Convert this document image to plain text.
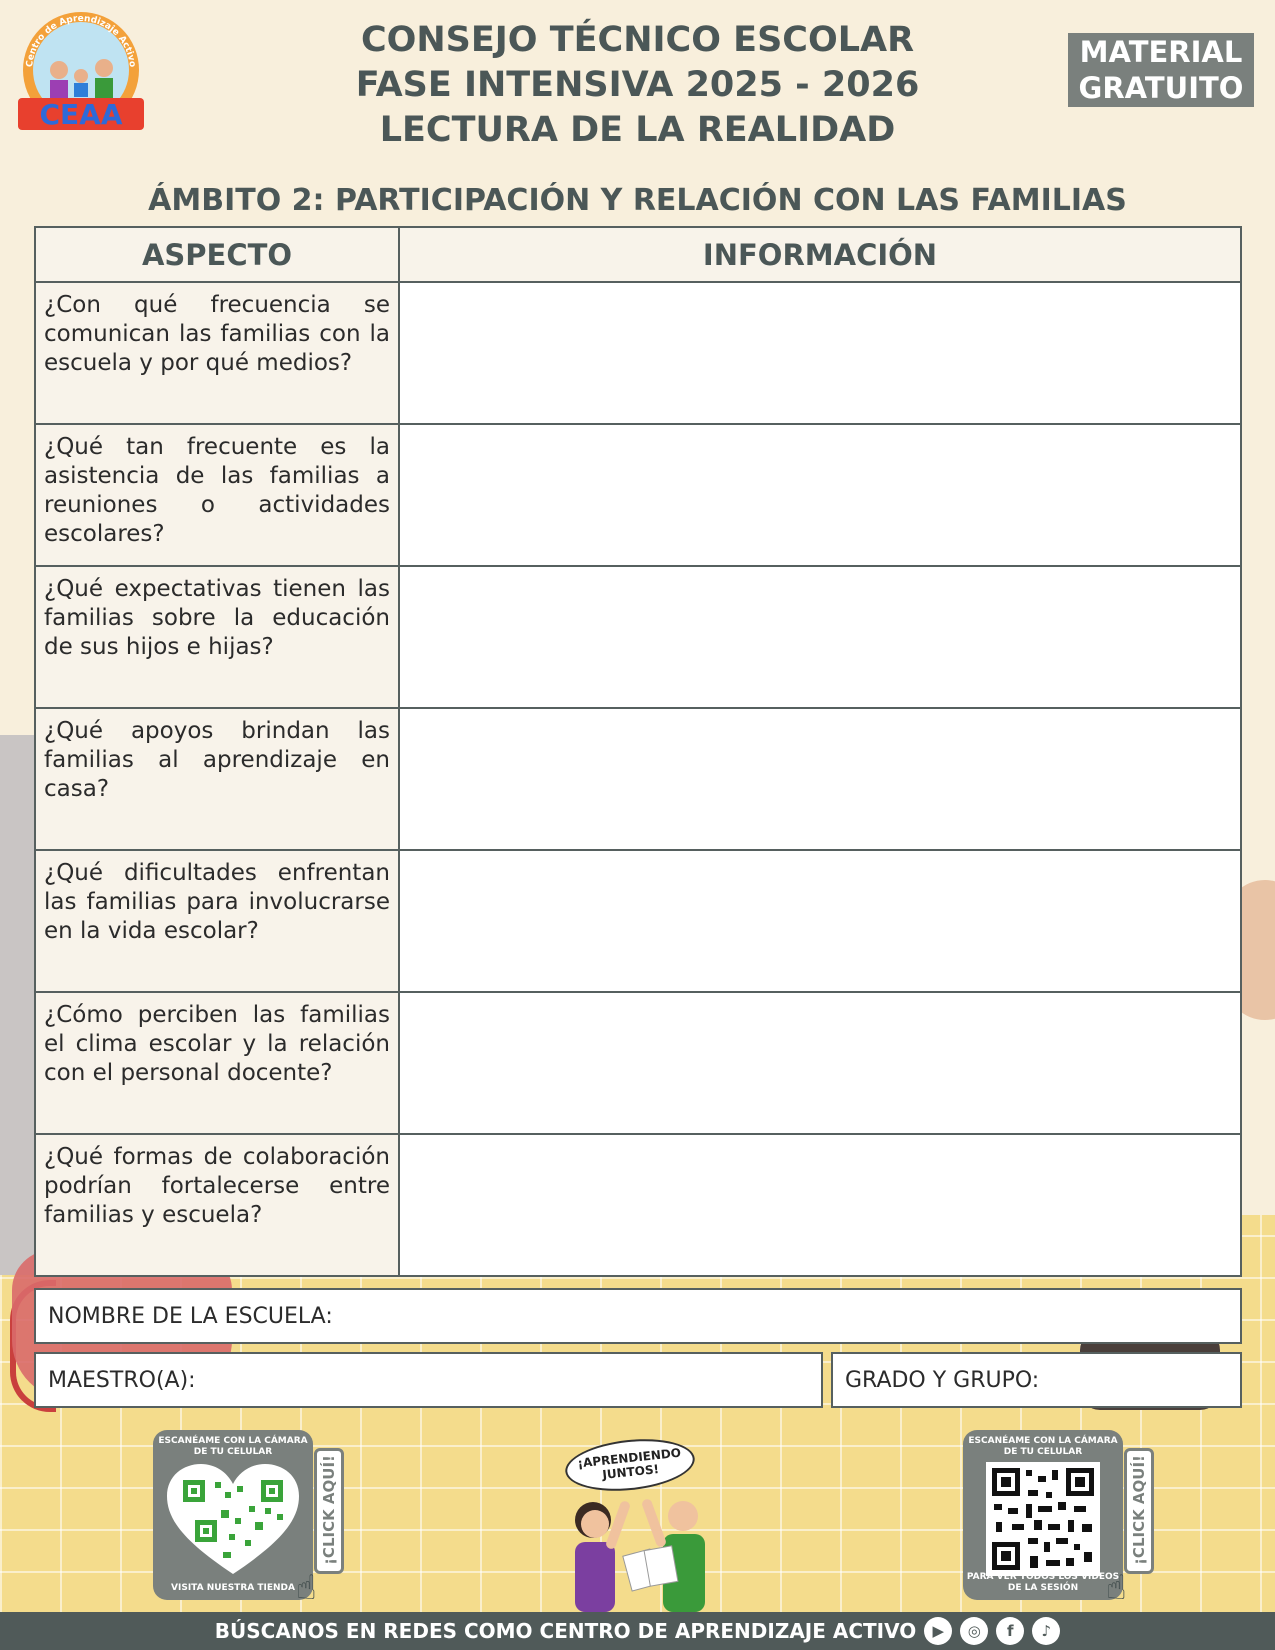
CEAA
Centro de Aprendizaje Activo
CONSEJO TÉCNICO ESCOLAR
FASE INTENSIVA 2025 - 2026
LECTURA DE LA REALIDAD
MATERIAL
GRATUITO
ÁMBITO 2: PARTICIPACIÓN Y RELACIÓN CON LAS FAMILIAS
ASPECTO	INFORMACIÓN
¿Con qué frecuencia se comunican las familias con la escuela y por qué medios?	
¿Qué tan frecuente es la asistencia de las familias a reuniones o actividades escolares?	
¿Qué expectativas tienen las familias sobre la educación de sus hijos e hijas?	
¿Qué apoyos brindan las familias al aprendizaje en casa?	
¿Qué dificultades enfrentan las familias para involucrarse en la vida escolar?	
¿Cómo perciben las familias el clima escolar y la relación con el personal docente?	
¿Qué formas de colaboración podrían fortalecerse entre familias y escuela?	
NOMBRE DE LA ESCUELA:
MAESTRO(A):	GRADO Y GRUPO:
ESCANÉAME CON LA CÁMARA DE TU CELULAR
VISITA NUESTRA TIENDA
¡CLICK AQUÍ!
☝
¡APRENDIENDO JUNTOS!
ESCANÉAME CON LA CÁMARA DE TU CELULAR
PARA VER TODOS LOS VIDEOS DE LA SESIÓN
¡CLICK AQUÍ!
☝
BÚSCANOS EN REDES COMO CENTRO DE APRENDIZAJE ACTIVO	▶	◎	f	♪
